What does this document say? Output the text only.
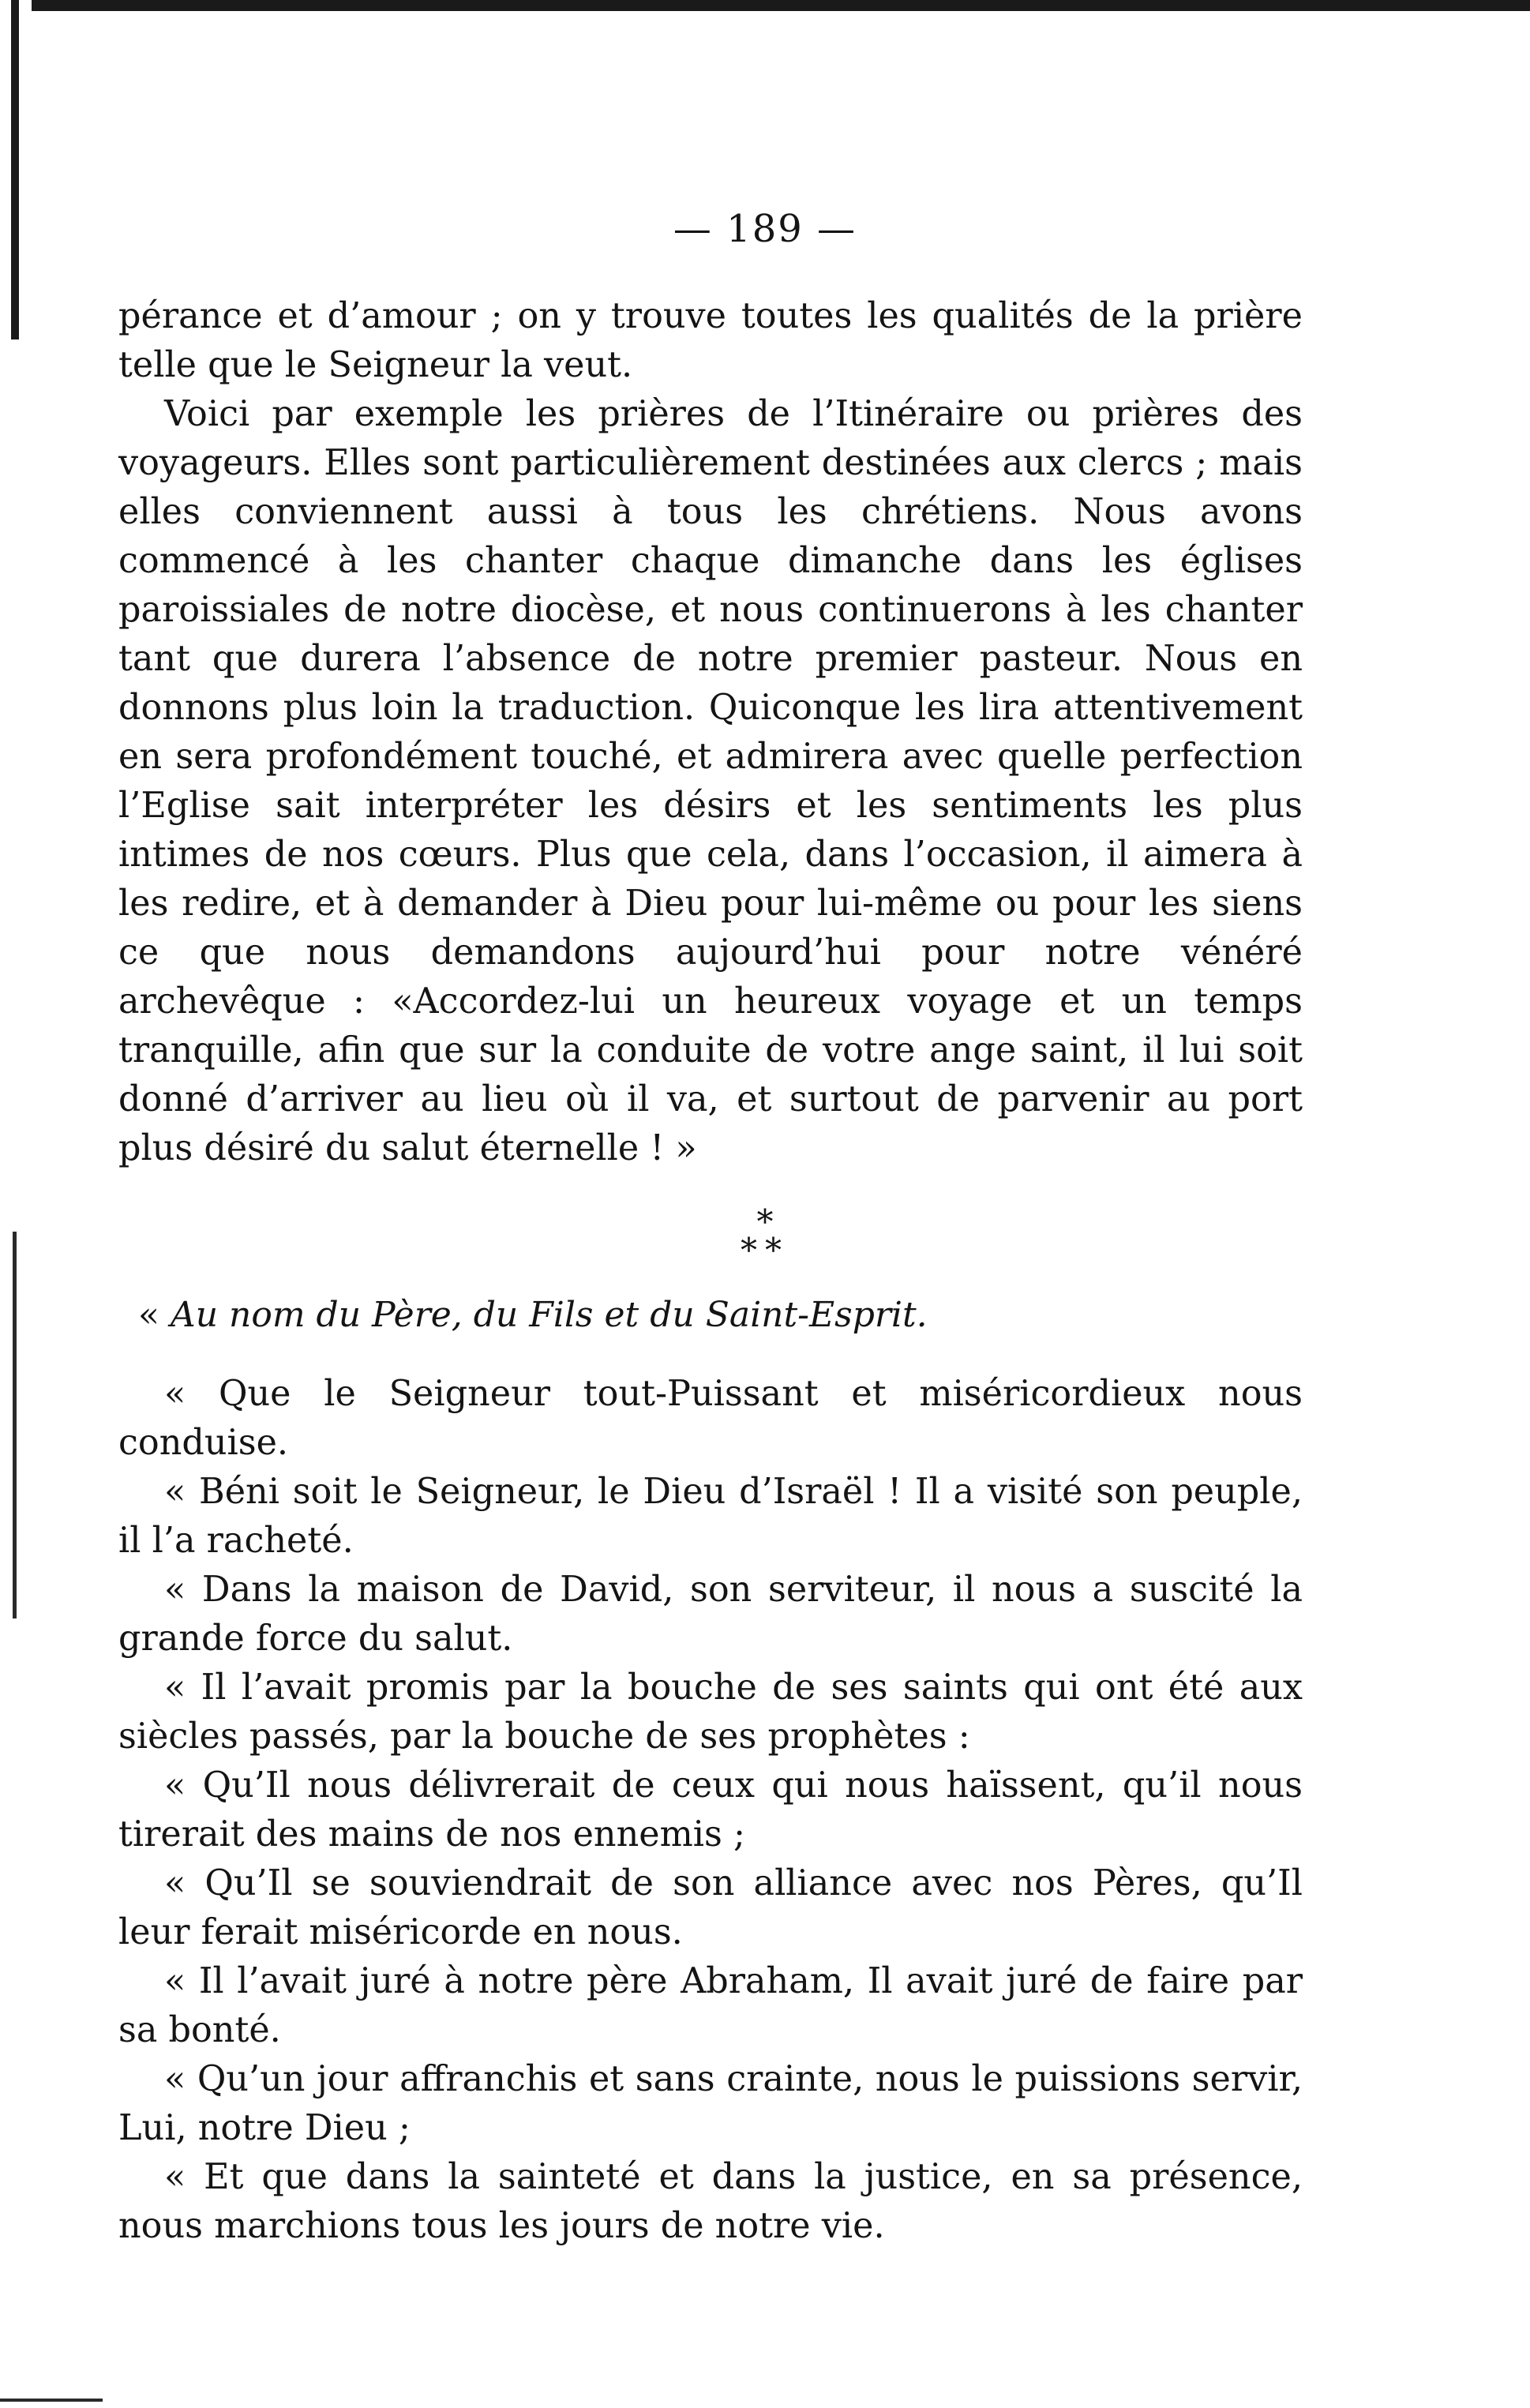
— 189 —

pérance et d’amour ; on y trouve toutes les qualités de la prière telle que le Seigneur la veut.

Voici par exemple les prières de l’Itinéraire ou prières des voyageurs. Elles sont particulièrement destinées aux clercs ; mais elles conviennent aussi à tous les chrétiens. Nous avons commencé à les chanter chaque dimanche dans les églises paroissiales de notre diocèse, et nous continuerons à les chanter tant que durera l’absence de notre premier pasteur. Nous en donnons plus loin la traduction. Quiconque les lira attentivement en sera profondément touché, et admirera avec quelle perfection l’Eglise sait interpréter les désirs et les sentiments les plus intimes de nos cœurs. Plus que cela, dans l’occasion, il aimera à les redire, et à demander à Dieu pour lui-même ou pour les siens ce que nous demandons aujourd’hui pour notre vénéré archevêque : «Accordez-lui un heureux voyage et un temps tranquille, afin que sur la conduite de votre ange saint, il lui soit donné d’arriver au lieu où il va, et surtout de parvenir au port plus désiré du salut éternelle ! »

*
**
« Au nom du Père, du Fils et du Saint-Esprit.

« Que le Seigneur tout-Puissant et miséricordieux nous conduise.

« Béni soit le Seigneur, le Dieu d’Israël ! Il a visité son peuple, il l’a racheté.

« Dans la maison de David, son serviteur, il nous a suscité la grande force du salut.

« Il l’avait promis par la bouche de ses saints qui ont été aux siècles passés, par la bouche de ses prophètes :

« Qu’Il nous délivrerait de ceux qui nous haïssent, qu’il nous tirerait des mains de nos ennemis ;

« Qu’Il se souviendrait de son alliance avec nos Pères, qu’Il leur ferait miséricorde en nous.

« Il l’avait juré à notre père Abraham, Il avait juré de faire par sa bonté.

« Qu’un jour affranchis et sans crainte, nous le puissions servir, Lui, notre Dieu ;

« Et que dans la sainteté et dans la justice, en sa présence, nous marchions tous les jours de notre vie.
